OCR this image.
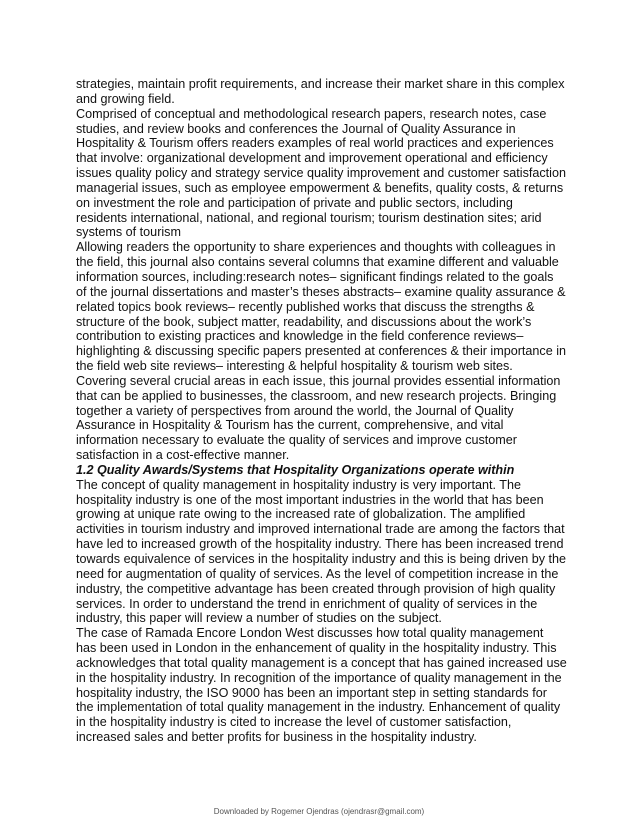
strategies, maintain profit requirements, and increase their market share in this complex
and growing field.
Comprised of conceptual and methodological research papers, research notes, case
studies, and review books and conferences the Journal of Quality Assurance in
Hospitality & Tourism offers readers examples of real world practices and experiences
that involve: organizational development and improvement operational and efficiency
issues quality policy and strategy service quality improvement and customer satisfaction
managerial issues, such as employee empowerment & benefits, quality costs, & returns
on investment the role and participation of private and public sectors, including
residents international, national, and regional tourism; tourism destination sites; arid
systems of tourism
Allowing readers the opportunity to share experiences and thoughts with colleagues in
the field, this journal also contains several columns that examine different and valuable
information sources, including:research notes– significant findings related to the goals
of the journal dissertations and master’s theses abstracts– examine quality assurance &
related topics book reviews– recently published works that discuss the strengths &
structure of the book, subject matter, readability, and discussions about the work’s
contribution to existing practices and knowledge in the field conference reviews–
highlighting & discussing specific papers presented at conferences & their importance in
the field web site reviews– interesting & helpful hospitality & tourism web sites.
Covering several crucial areas in each issue, this journal provides essential information
that can be applied to businesses, the classroom, and new research projects. Bringing
together a variety of perspectives from around the world, the Journal of Quality
Assurance in Hospitality & Tourism has the current, comprehensive, and vital
information necessary to evaluate the quality of services and improve customer
satisfaction in a cost-effective manner.
1.2 Quality Awards/Systems that Hospitality Organizations operate within
The concept of quality management in hospitality industry is very important. The
hospitality industry is one of the most important industries in the world that has been
growing at unique rate owing to the increased rate of globalization. The amplified
activities in tourism industry and improved international trade are among the factors that
have led to increased growth of the hospitality industry. There has been increased trend
towards equivalence of services in the hospitality industry and this is being driven by the
need for augmentation of quality of services. As the level of competition increase in the
industry, the competitive advantage has been created through provision of high quality
services. In order to understand the trend in enrichment of quality of services in the
industry, this paper will review a number of studies on the subject.
The case of Ramada Encore London West discusses how total quality management
has been used in London in the enhancement of quality in the hospitality industry. This
acknowledges that total quality management is a concept that has gained increased use
in the hospitality industry. In recognition of the importance of quality management in the
hospitality industry, the ISO 9000 has been an important step in setting standards for
the implementation of total quality management in the industry. Enhancement of quality
in the hospitality industry is cited to increase the level of customer satisfaction,
increased sales and better profits for business in the hospitality industry.
Downloaded by Rogemer Ojendras (ojendrasr@gmail.com)
